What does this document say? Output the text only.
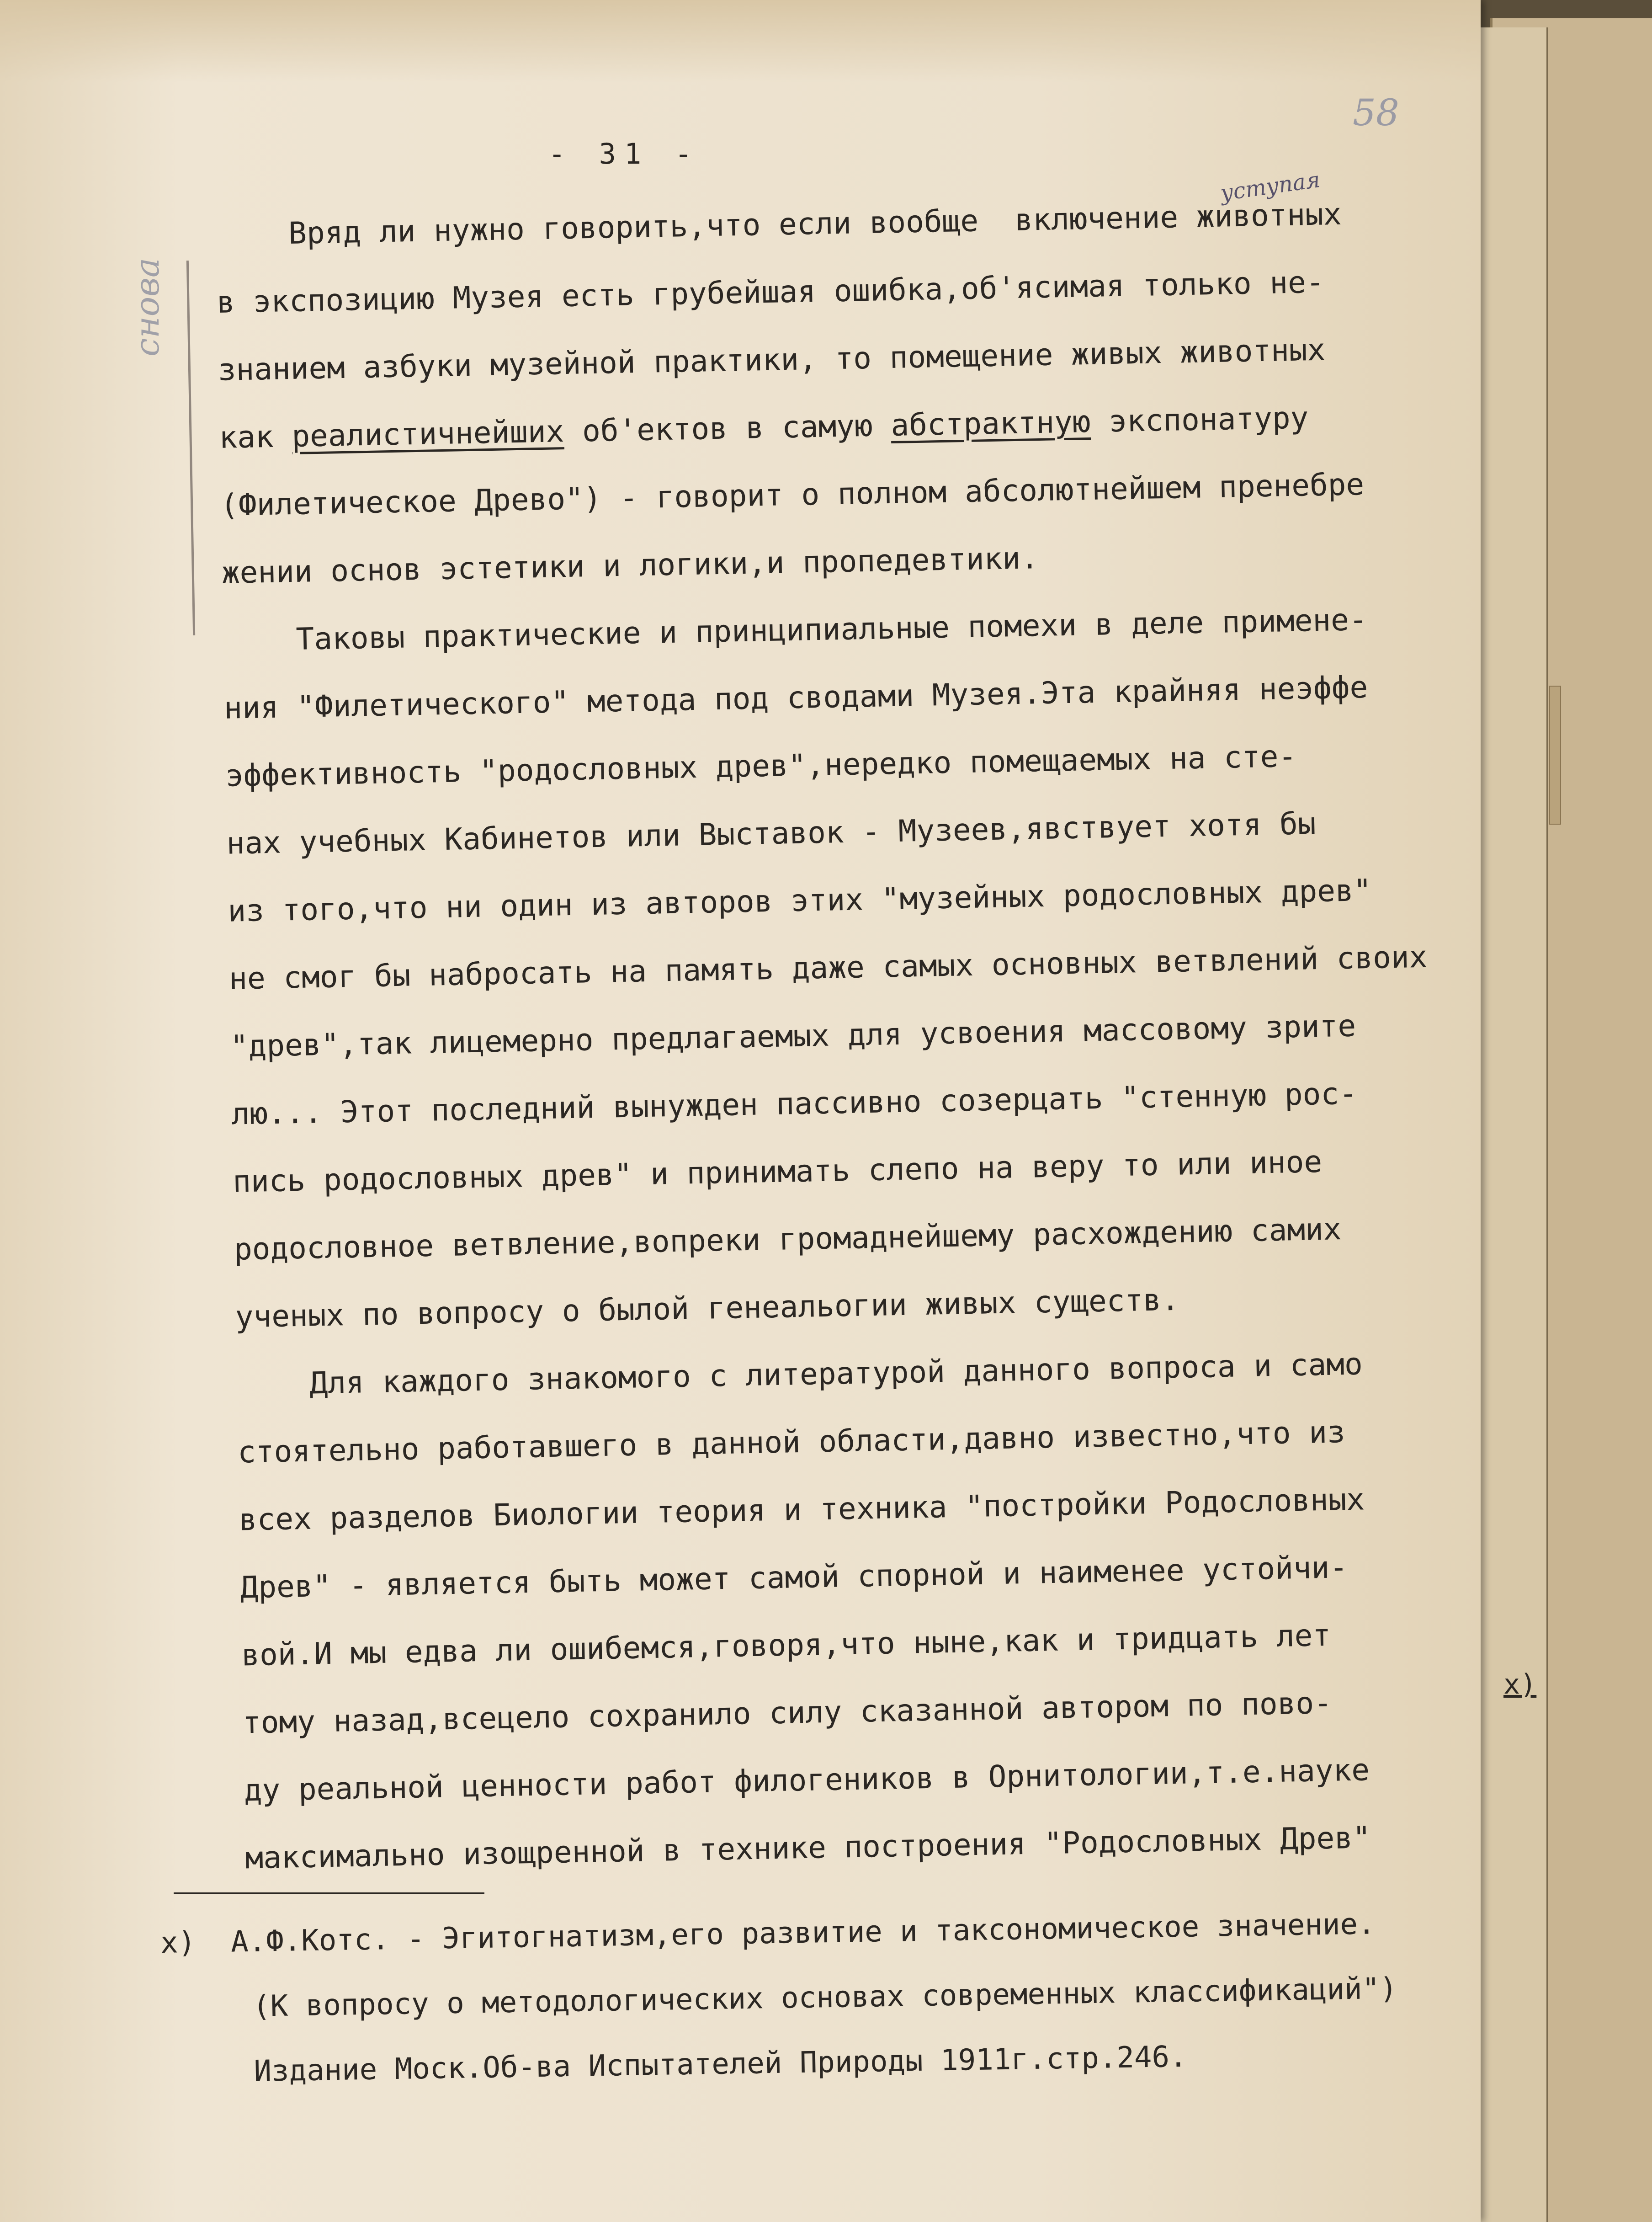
58
- 31 -
уступая
снова
Вряд ли нужно говорить,что если вообще  включение животных
в экспозицию Музея есть грубейшая ошибка,об'ясимая только не-
знанием азбуки музейной практики, то помещение живых животных
как реалистичнейших об'ектов в самую абстрактную экспонатуру
(Филетическое Древо") - говорит о полном абсолютнейшем пренебре
жении основ эстетики и логики,и пропедевтики.
Таковы практические и принципиальные помехи в деле примене-
ния "Филетического" метода под сводами Музея.Эта крайняя неэффе
эффективность "родословных древ",нередко помещаемых на сте-
нах учебных Кабинетов или Выставок - Музеев,явствует хотя бы
из того,что ни один из авторов этих "музейных родословных древ"
не смог бы набросать на память даже самых основных ветвлений своих
"древ",так лицемерно предлагаемых для усвоения массовому зрите
лю... Этот последний вынужден пассивно созерцать "стенную рос-
пись родословных древ" и принимать слепо на веру то или иное
родословное ветвление,вопреки громаднейшему расхождению самих
ученых по вопросу о былой генеальогии живых существ.
Для каждого знакомого с литературой данного вопроса и само
стоятельно работавшего в данной области,давно известно,что из
всех разделов Биологии теория и техника "постройки Родословных
Древ" - является быть может самой спорной и наименее устойчи-
вой.И мы едва ли ошибемся,говоря,что ныне,как и тридцать лет
тому назад,всецело сохранило силу сказанной автором по пово-
ду реальной ценности работ филогеников в Орнитологии,т.е.науке
максимально изощренной в технике построения "Родословных Древ"
x)
x)  А.Ф.Котс. - Эгитогнатизм,его развитие и таксономическое значение.
(К вопросу о методологических основах современных классификаций")
Издание Моск.Об-ва Испытателей Природы 1911г.стр.246.
